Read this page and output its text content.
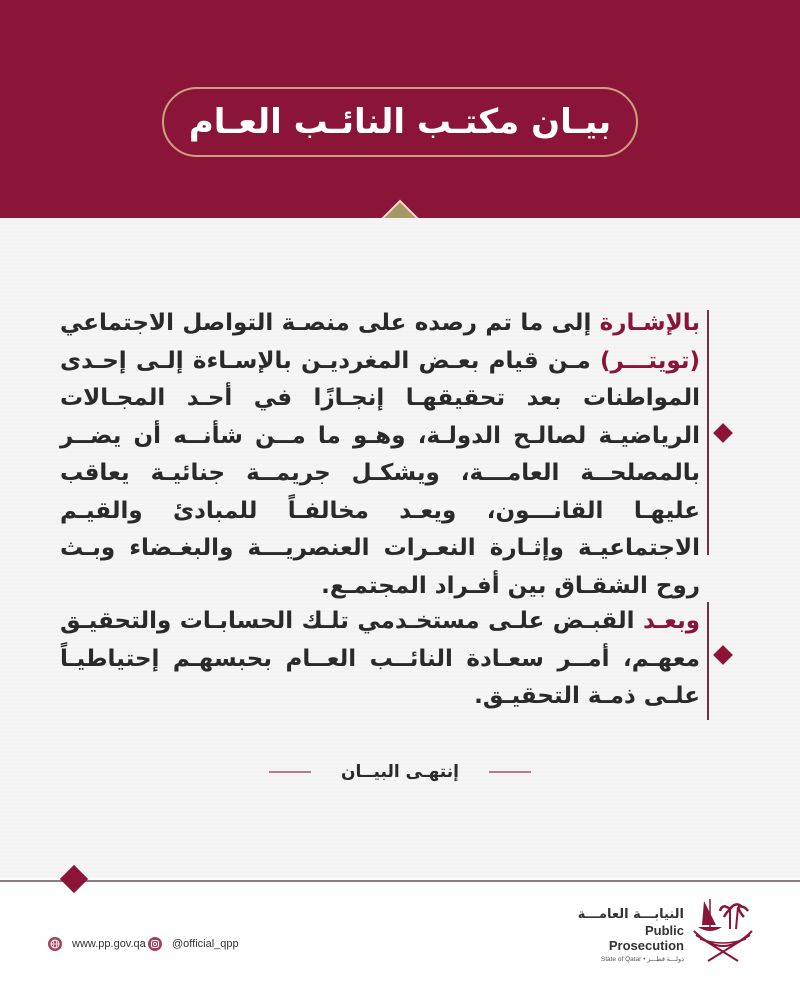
بيـان مكتـب النائـب العـام

بالإشـارة إلى ما تم رصده على منصـة التواصل الاجتماعي (تويتـــر) مـن قيام بعـض المغرديـن بالإسـاءة إلـى إحـدى المواطنات بعد تحقيقهـا إنجـازًا في أحـد المجـالات الرياضيـة لصالـح الدولـة، وهـو ما مــن شأنــه أن يضــر بالمصلحــة العامـــة، ويشكـل جريمــة جنائيـة يعاقب عليهـا القانـــون، ويعـد مخالفـاً للمبادئ والقيـم الاجتماعيـة وإثـارة النعـرات العنصريـــة والبغـضاء وبـث روح الشقـاق بين أفـراد المجتمـع.

وبعـد القبـض علـى مستخـدمي تلـك الحسابـات والتحقيـق معهـم، أمــر سعـادة النائــب العــام بحبسهـم إحتياطيـاً علـى ذمـة التحقيـق.

إنتهـى البيــان
www.pp.gov.qa @official_qpp
النيابـــة العامـــة
Public Prosecution
State of Qatar • دولـــة قطـــر
